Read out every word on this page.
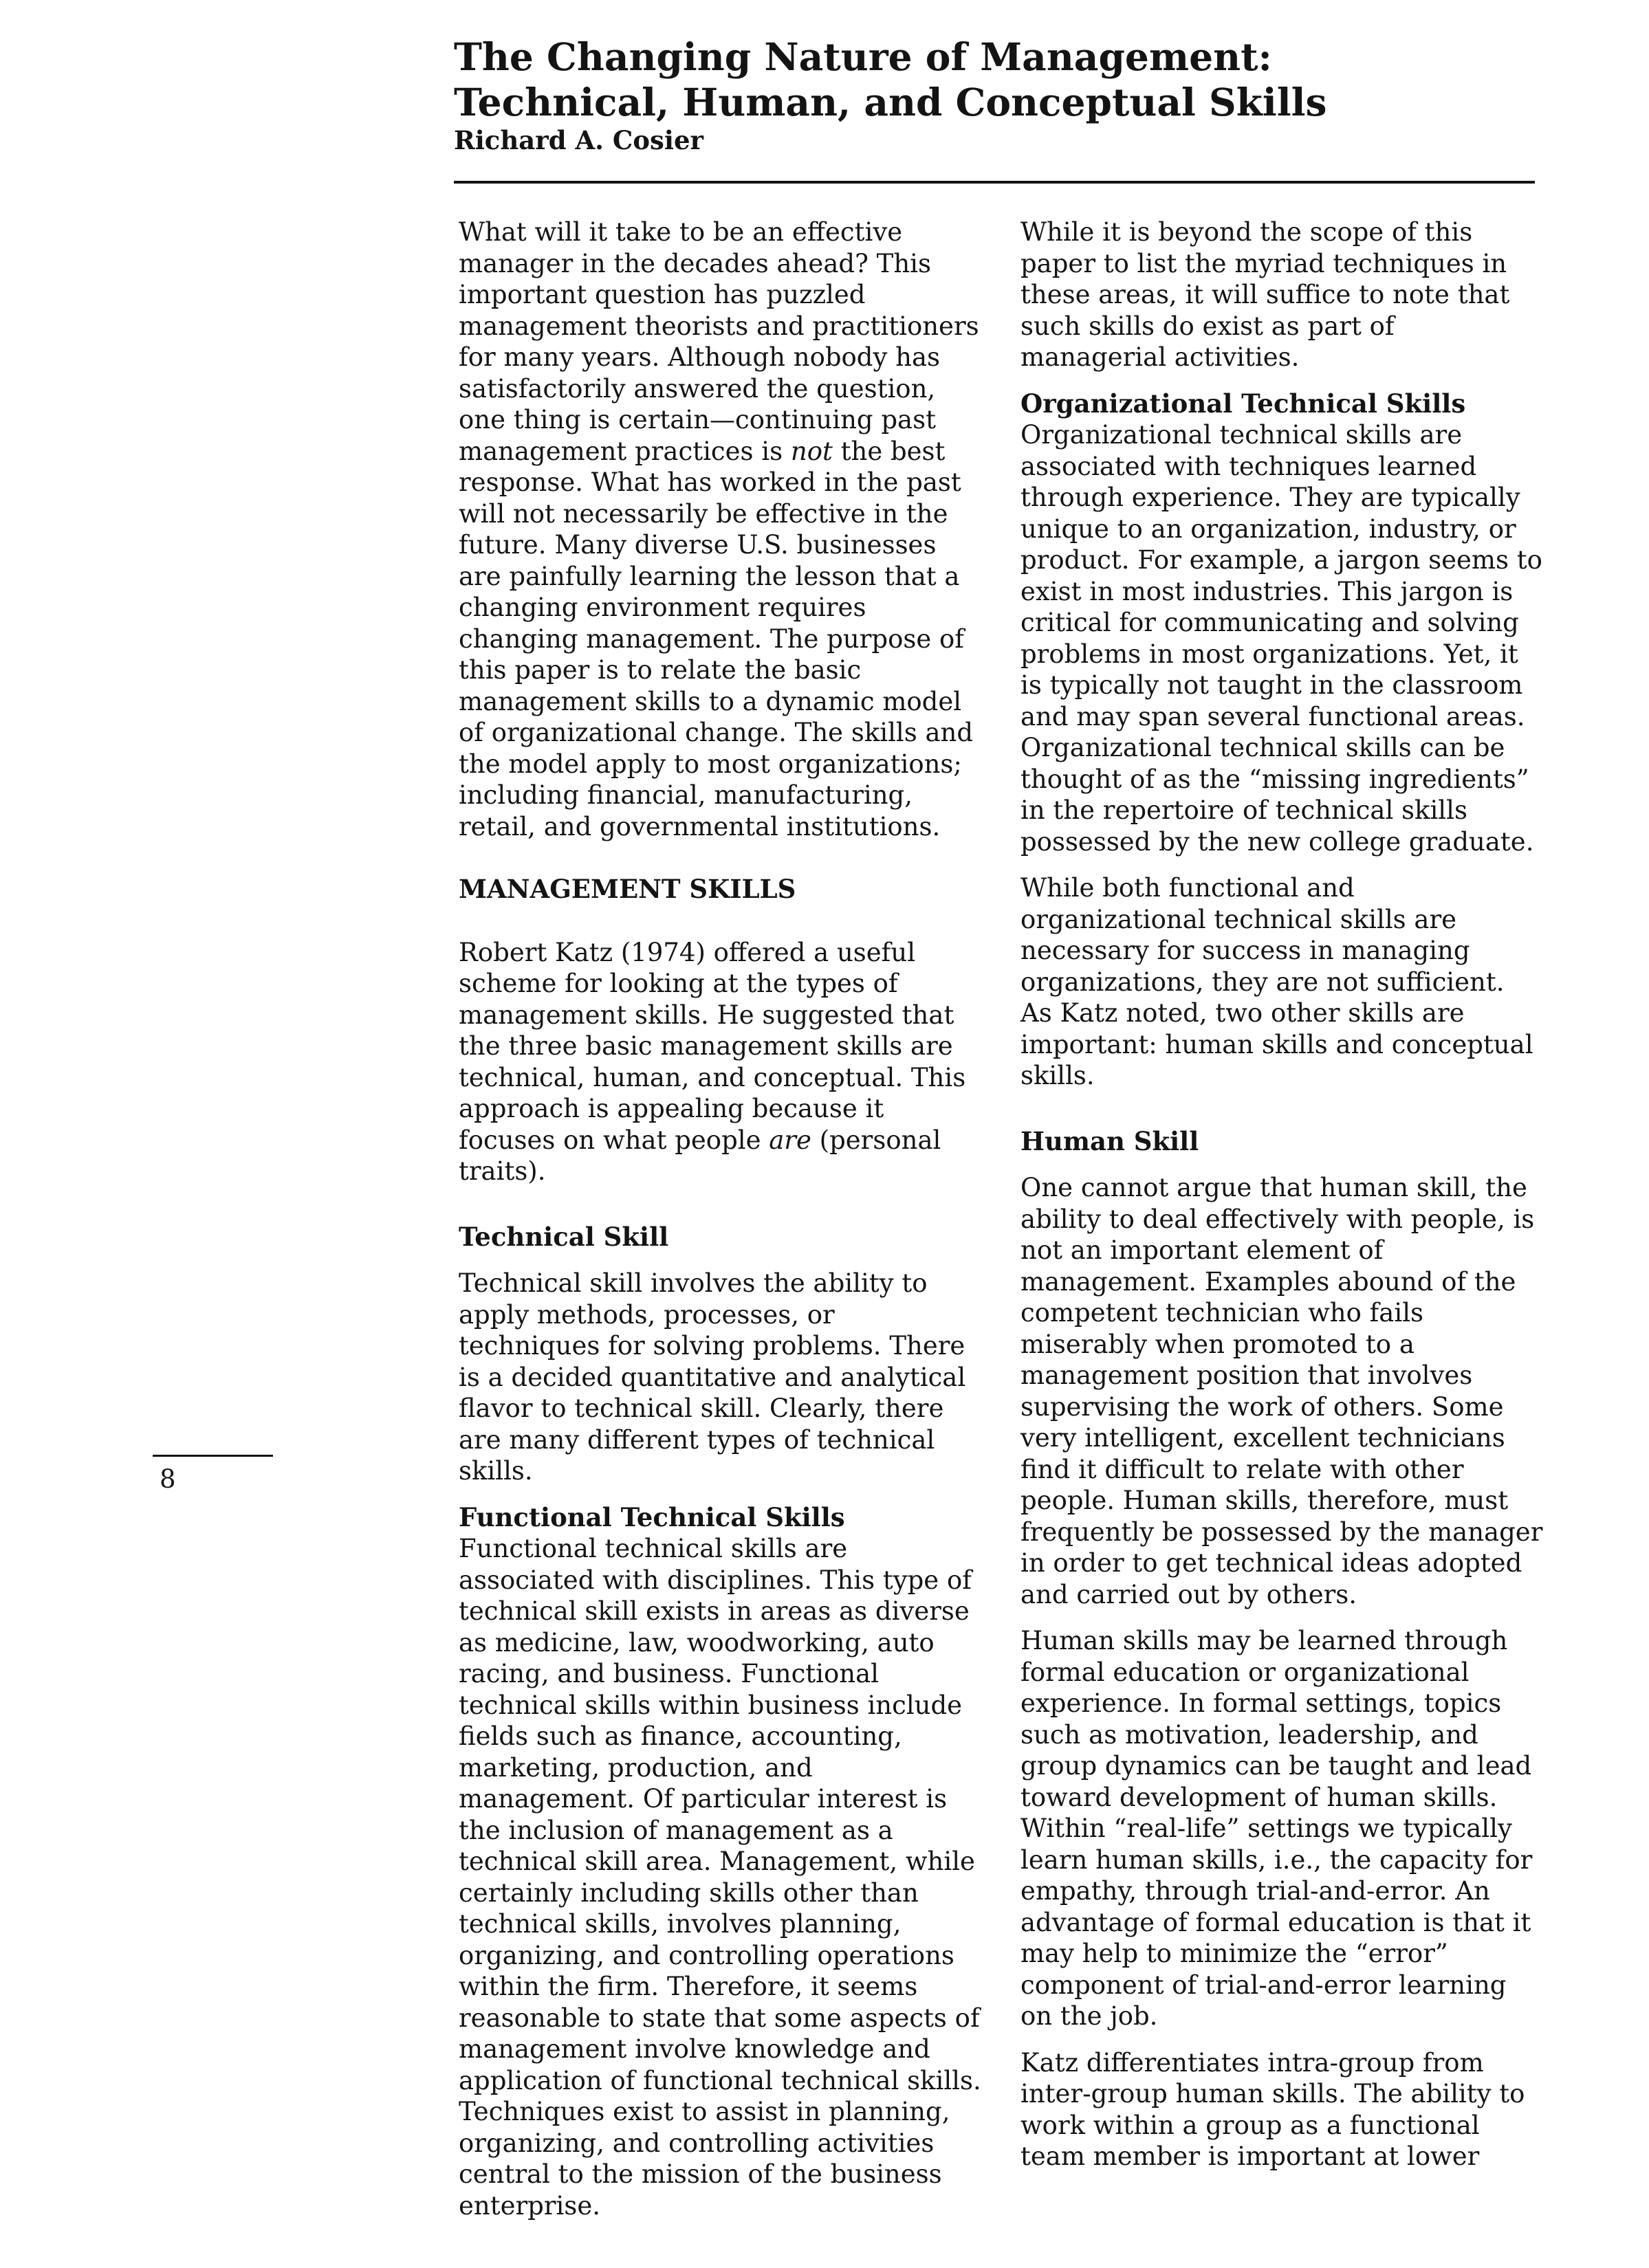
The Changing Nature of Management:
Technical, Human, and Conceptual Skills
Richard A. Cosier

What will it take to be an effective manager in the decades ahead? This important question has puzzled management theorists and practitioners for many years. Although nobody has satisfactorily answered the question, one thing is certain—continuing past management practices is not the best response. What has worked in the past will not necessarily be effective in the future. Many diverse U.S. businesses are painfully learning the lesson that a changing environment requires changing management. The purpose of this paper is to relate the basic management skills to a dynamic model of organizational change. The skills and the model apply to most organizations; including financial, manufacturing, retail, and governmental institutions.

MANAGEMENT SKILLS

Robert Katz (1974) offered a useful scheme for looking at the types of management skills. He suggested that the three basic management skills are technical, human, and conceptual. This approach is appealing because it focuses on what people are (personal traits).

Technical Skill

Technical skill involves the ability to apply methods, processes, or techniques for solving problems. There is a decided quantitative and analytical flavor to technical skill. Clearly, there are many different types of technical skills.

Functional Technical Skills   Functional technical skills are associated with disciplines. This type of technical skill exists in areas as diverse as medicine, law, woodworking, auto racing, and business. Functional technical skills within business include fields such as finance, accounting, marketing, production, and management. Of particular interest is the inclusion of management as a technical skill area. Management, while certainly including skills other than technical skills, involves planning, organizing, and controlling operations within the firm. Therefore, it seems reasonable to state that some aspects of management involve knowledge and application of functional technical skills. Techniques exist to assist in planning, organizing, and controlling activities central to the mission of the business enterprise.

While it is beyond the scope of this paper to list the myriad techniques in these areas, it will suffice to note that such skills do exist as part of managerial activities.

Organizational Technical Skills   Organizational technical skills are associated with techniques learned through experience. They are typically unique to an organization, industry, or product. For example, a jargon seems to exist in most industries. This jargon is critical for communicating and solving problems in most organizations. Yet, it is typically not taught in the classroom and may span several functional areas. Organizational technical skills can be thought of as the “missing ingredients” in the repertoire of technical skills possessed by the new college graduate.

While both functional and organizational technical skills are necessary for success in managing organizations, they are not sufficient. As Katz noted, two other skills are important: human skills and conceptual skills.

Human Skill

One cannot argue that human skill, the ability to deal effectively with people, is not an important element of management. Examples abound of the competent technician who fails miserably when promoted to a management position that involves supervising the work of others. Some very intelligent, excellent technicians find it difficult to relate with other people. Human skills, therefore, must frequently be possessed by the manager in order to get technical ideas adopted and carried out by others.

Human skills may be learned through formal education or organizational experience. In formal settings, topics such as motivation, leadership, and group dynamics can be taught and lead toward development of human skills. Within “real-life” settings we typically learn human skills, i.e., the capacity for empathy, through trial-and-error. An advantage of formal education is that it may help to minimize the “error” component of trial-and-error learning on the job.

Katz differentiates intra-group from inter-group human skills. The ability to work within a group as a functional team member is important at lower

8
